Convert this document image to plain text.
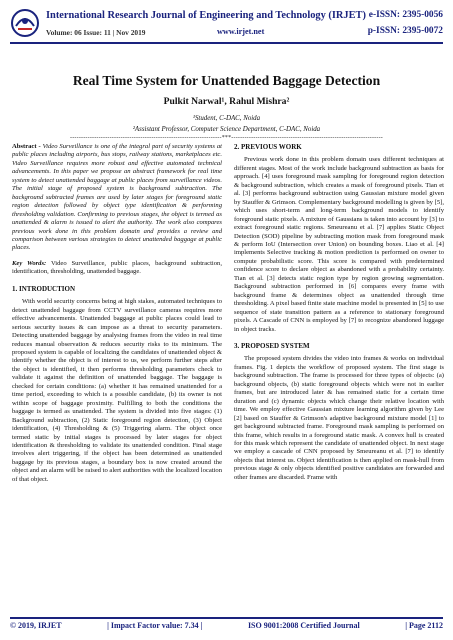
International Research Journal of Engineering and Technology (IRJET) e-ISSN: 2395-0056
Volume: 06 Issue: 11 | Nov 2019	www.irjet.net	p-ISSN: 2395-0072
Real Time System for Unattended Baggage Detection
Pulkit Narwal¹, Rahul Mishra²
¹Student, C-DAC, Noida
²Assistant Professor, Computer Science Department, C-DAC, Noida
---------------------------------------------------------------------***---------------------------------------------------------------------

Abstract - Video Surveillance is one of the integral part of security systems at public places including airports, bus stops, railway stations, marketplaces etc. Video Surveillance requires more robust and effective automated technical advancements. In this paper we propose an abstract framework for real time system to detect unattended baggage at public places from surveillance videos. The initial stage of proposed system is background subtraction. The background subtracted frames are used by later stages for foreground static region detection followed by object type identification & performing thresholding validation. Confirming to previous stages, the object is termed as unattended & alarm is issued to alert the authority. The work also compares previous work done in this problem domain and provides a review and comparison between various strategies to detect unattended baggage at public places.

Key Words: Video Surveillance, public places, background subtraction, identification, thresholding, unattended baggage.

1. INTRODUCTION

With world security concerns being at high stakes, automated techniques to detect unattended baggage from CCTV surveillance cameras requires more effective advancements. Unattended baggage at public places could lead to serious security issues & can impose as a threat to security parameters. Detecting unattended baggage by analysing frames from the video in real time reduces manual observation & reduces security risks to its minimum. The proposed system is capable of localizing the candidates of unattended object & identify whether the object is of interest to us, we perform further steps after the object is identified, it then performs thresholding parameters check to validate it against the definition of unattended baggage. The baggage is checked for certain conditions: (a) whether it has remained unattended for a time period, exceeding to which is a possible candidate, (b) its owner is not within scope of baggage proximity. Fulfilling to both the conditions the baggage is termed as unattended. The system is divided into five stages: (1) Background subtraction, (2) Static foreground region detection, (3) Object identification, (4) Thresholding & (5) Triggering alarm. The object once termed static by initial stages is processed by later stages for object identification & thresholding to validate its unattended condition. Final stage involves alert triggering, if the object has been determined as unattended baggage by its previous stages, a boundary box is now created around the object and an alarm will be raised to alert authorities with the localized location of that object.

2. PREVIOUS WORK

Previous work done in this problem domain uses different techniques at different stages. Most of the work include background subtraction as basis for approach. [4] uses foreground mask sampling for foreground region detection & background subtraction, which creates a mask of foreground pixels. Tian et al. [3] performs background subtraction using Gaussian mixture model given by Stauffer & Grimson. Complementary background modelling is given by [5], which uses short-term and long-term background models to identify foreground static pixels. A mixture of Gaussians is taken into account by [3] to extract foreground static regions. Smeureanu et al. [7] applies Static Object Detection (SOD) pipeline by subtracting motion mask from foreground mask & perform IoU (Intersection over Union) on bounding boxes. Liao et al. [4] implements Selective tracking & motion prediction is performed on owner to compute probabilistic score. This score is compared with predetermined confidence score to declare object as abandoned with a probability certainty. Tian et al. [3] detects static region type by region growing segmentation. Background subtraction performed in [6] compares every frame with background frame & determines object as unattended through time thresholding. A pixel based finite state machine model is presented in [5] to use sequence of state transition pattern as a reference to stationary foreground pixels. A Cascade of CNN is employed by [7] to recognize abandoned luggage in object tracks.

3. PROPOSED SYSTEM

The proposed system divides the video into frames & works on individual frames. Fig. 1 depicts the workflow of proposed system. The first stage is background subtraction. The frame is processed for three types of objects: (a) background objects, (b) static foreground objects which were not in earlier frames, but are introduced later & has remained static for a certain time duration and (c) dynamic objects which change their relative location with time. We employ effective Gaussian mixture learning algorithm given by Lee [2] based on Stauffer & Grimson's adaptive background mixture model [1] to get background subtracted frame. Foreground mask sampling is performed on this frame, which results in a foreground static mask. A convex hull is created for this mask which represent the candidate of unattended object. In next stage we employ a cascade of CNN proposed by Smeureanu et al. [7] to identify objects that interest us. Object identification is then applied on mask-hull from previous stage & only objects identified positive candidates are forwarded and other frames are discarded. Frame with

© 2019, IRJET	| Impact Factor value: 7.34 |	ISO 9001:2008 Certified Journal	| Page 2112
